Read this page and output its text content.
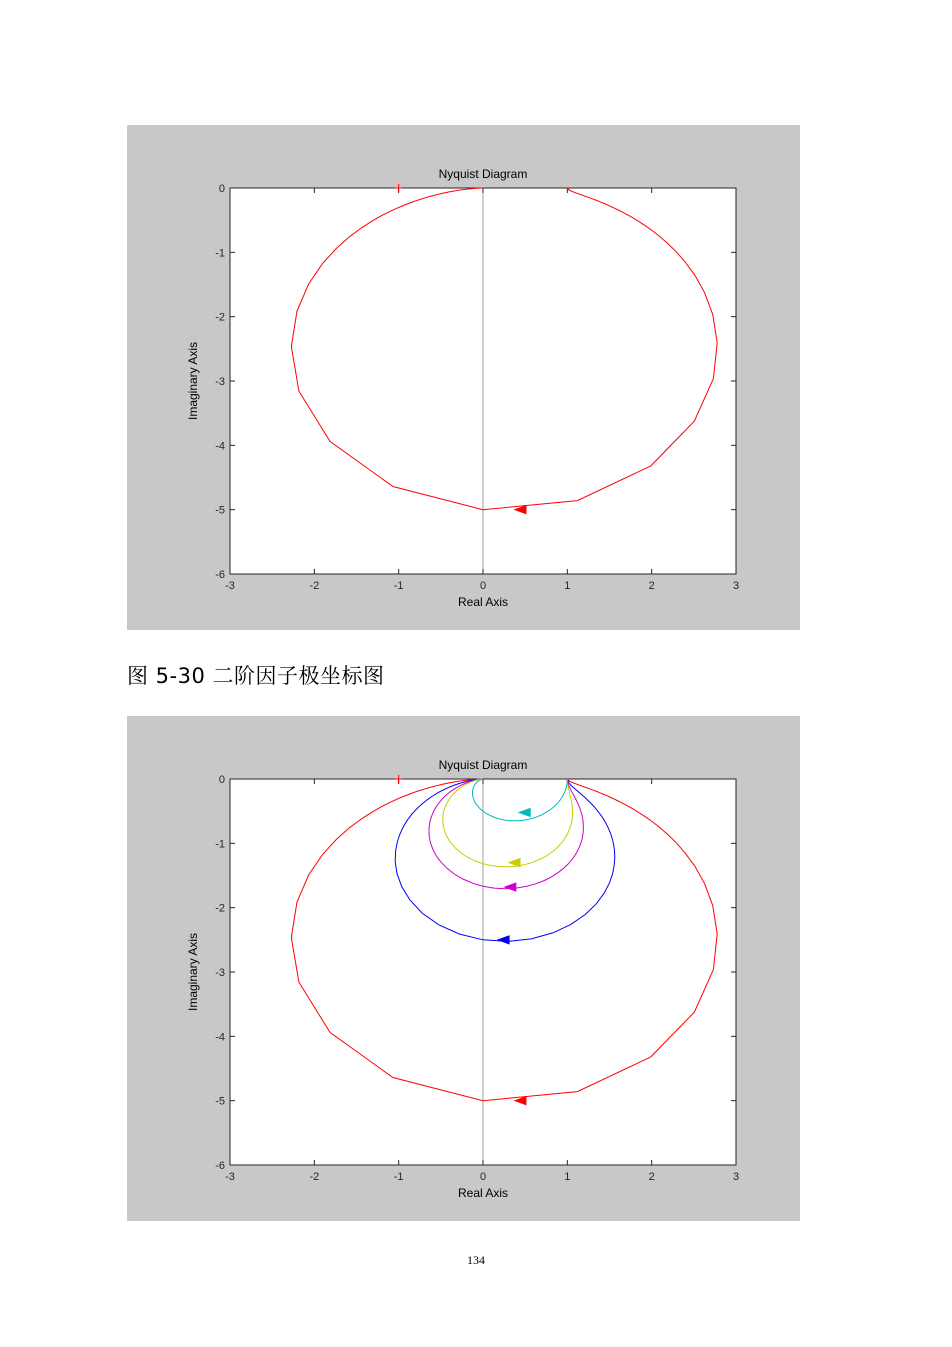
-3	-2	-1	0	1	2	3
0
-1
-2
-3
-4
-5
-6
Nyquist Diagram
Real Axis
Imaginary Axis
图 5-30 二阶因子极坐标图
-3	-2	-1	0	1	2	3
0
-1
-2
-3
-4
-5
-6
Nyquist Diagram
Real Axis
Imaginary Axis
134
